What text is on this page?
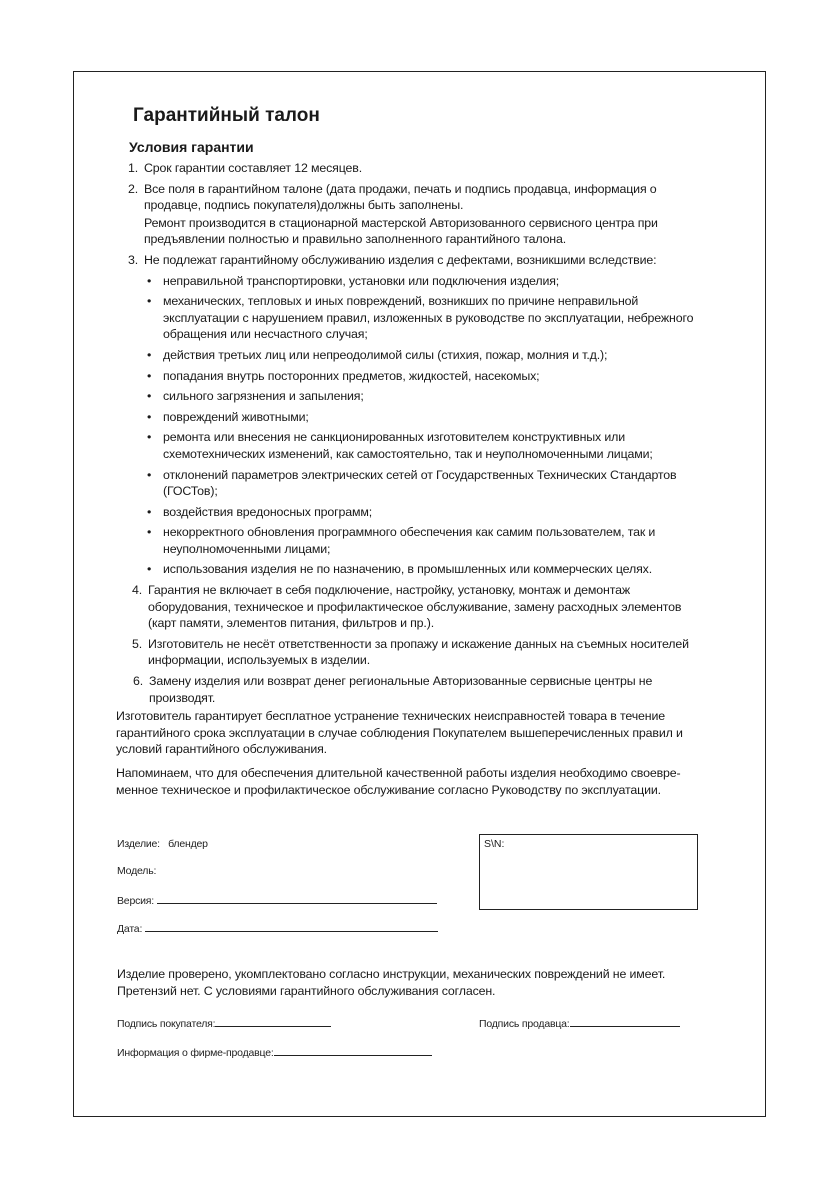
Гарантийный талон
Условия гарантии
1. Срок гарантии составляет 12 месяцев.
2. Все поля в гарантийном талоне (дата продажи, печать и подпись продавца, информация о продавце, подпись покупателя)должны быть заполнены.
Ремонт производится в стационарной мастерской Авторизованного сервисного центра при предъявлении полностью и правильно заполненного гарантийного талона.
3. Не подлежат гарантийному обслуживанию изделия с дефектами, возникшими вследствие:
• неправильной транспортировки, установки или подключения изделия;
• механических, тепловых и иных повреждений, возникших по причине неправильной эксплуатации с нарушением правил, изложенных в руководстве по эксплуатации, небрежного обращения или несчастного случая;
• действия третьих лиц или непреодолимой силы (стихия, пожар, молния и т.д.);
• попадания внутрь посторонних предметов, жидкостей, насекомых;
• сильного загрязнения и запыления;
• повреждений животными;
• ремонта или внесения не санкционированных изготовителем конструктивных или схемотехнических изменений, как самостоятельно, так и неуполномоченными лицами;
• отклонений параметров электрических сетей от Государственных Технических Стандартов (ГОСТов);
• воздействия вредоносных программ;
• некорректного обновления программного обеспечения как самим пользователем, так и неуполномоченными лицами;
• использования изделия не по назначению, в промышленных или коммерческих целях.
4. Гарантия не включает в себя подключение, настройку, установку, монтаж и демонтаж оборудования, техническое и профилактическое обслуживание, замену расходных элементов (карт памяти, элементов питания, фильтров и пр.).
5. Изготовитель не несёт ответственности за пропажу и искажение данных на съемных носителей информации, используемых в изделии.
6. Замену изделия или возврат денег региональные Авторизованные сервисные центры не производят.
Изготовитель гарантирует бесплатное устранение технических неисправностей товара в течение гарантийного срока эксплуатации в случае соблюдения Покупателем вышеперечисленных правил и условий гарантийного обслуживания.
Напоминаем, что для обеспечения длительной качественной работы изделия необходимо своевре-менное техническое и профилактическое обслуживание согласно Руководству по эксплуатации.
Изделие: блендер
Модель:
Версия:
Дата:
S\N:
Изделие проверено, укомплектовано согласно инструкции, механических повреждений не имеет.
Претензий нет. С условиями гарантийного обслуживания согласен.
Подпись покупателя:	Подпись продавца:
Информация о фирме-продавце:
